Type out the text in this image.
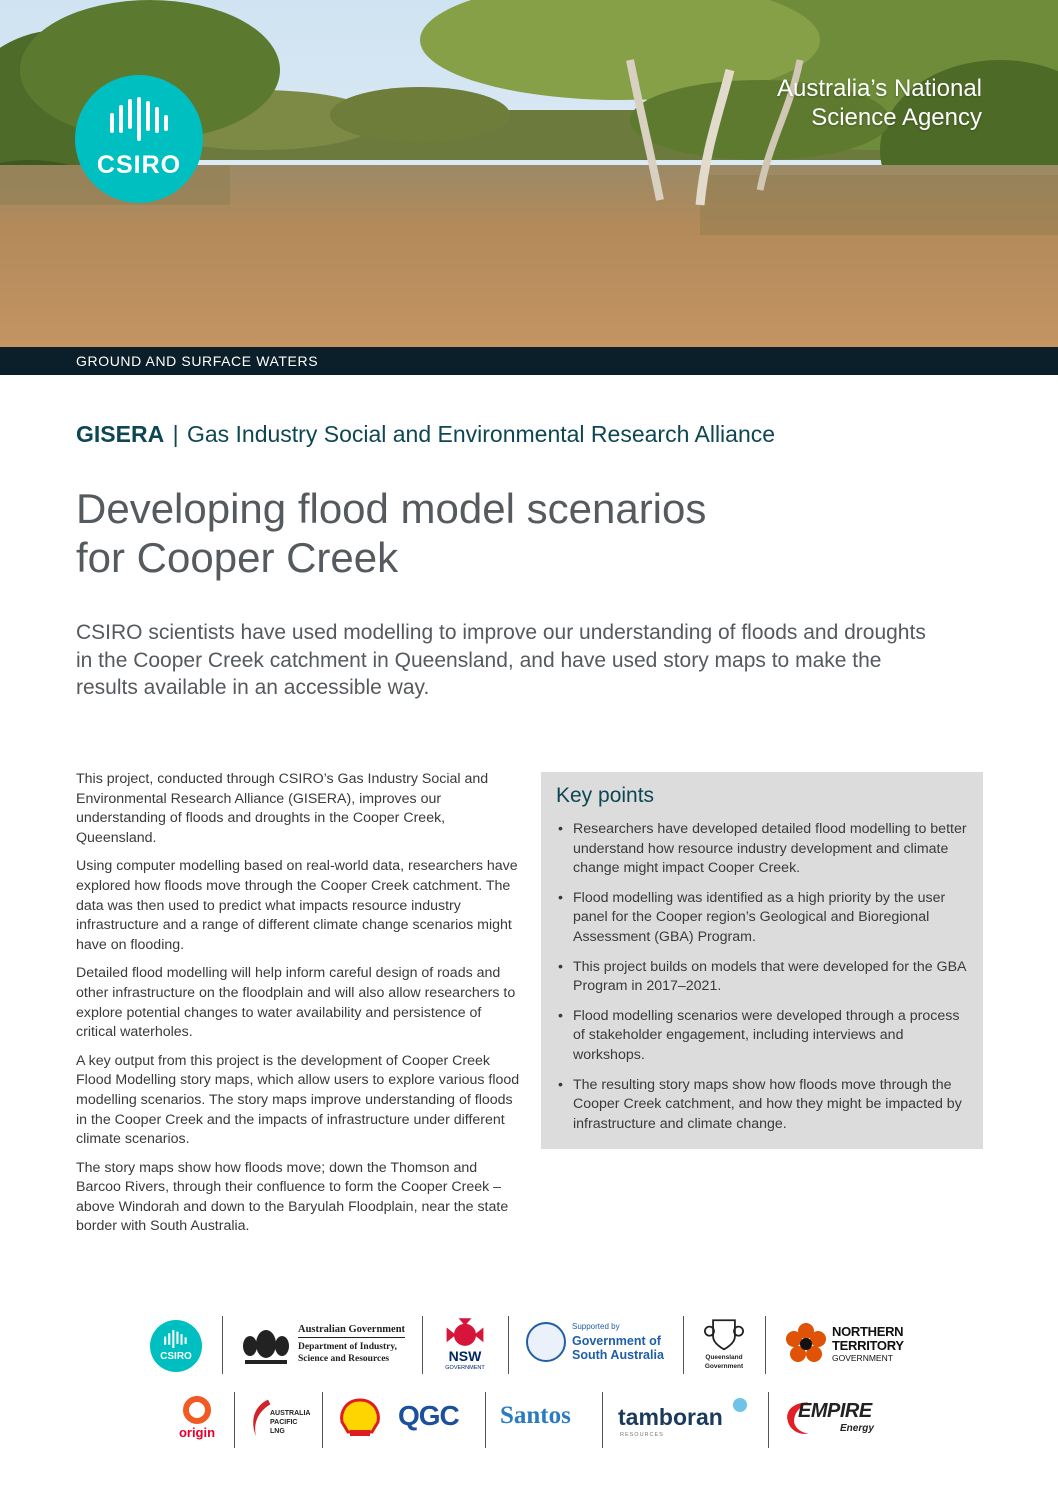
CSIRO
Australia’s National
Science Agency
GROUND AND SURFACE WATERS
GISERA | Gas Industry Social and Environmental Research Alliance
Developing flood model scenarios
for Cooper Creek
CSIRO scientists have used modelling to improve our understanding of floods and droughts in the Cooper Creek catchment in Queensland, and have used story maps to make the results available in an accessible way.

This project, conducted through CSIRO’s Gas Industry Social and Environmental Research Alliance (GISERA), improves our understanding of floods and droughts in the Cooper Creek, Queensland.

Using computer modelling based on real-world data, researchers have explored how floods move through the Cooper Creek catchment. The data was then used to predict what impacts resource industry infrastructure and a range of different climate change scenarios might have on flooding.

Detailed flood modelling will help inform careful design of roads and other infrastructure on the floodplain and will also allow researchers to explore potential changes to water availability and persistence of critical waterholes.

A key output from this project is the development of Cooper Creek Flood Modelling story maps, which allow users to explore various flood modelling scenarios. The story maps improve understanding of floods in the Cooper Creek and the impacts of infrastructure under different climate scenarios.

The story maps show how floods move; down the Thomson and Barcoo Rivers, through their confluence to form the Cooper Creek – above Windorah and down to the Baryulah Floodplain, near the state border with South Australia.

Key points
• Researchers have developed detailed flood modelling to better understand how resource industry development and climate change might impact Cooper Creek.
• Flood modelling was identified as a high priority by the user panel for the Cooper region’s Geological and Bioregional Assessment (GBA) Program.
• This project builds on models that were developed for the GBA Program in 2017–2021.
• Flood modelling scenarios were developed through a process of stakeholder engagement, including interviews and workshops.
• The resulting story maps show how floods move through the Cooper Creek catchment, and how they might be impacted by infrastructure and climate change.
CSIRO
Australian Government
Department of Industry,
Science and Resources	NSW
GOVERNMENT
Supported by
Government of
South Australia	Queensland
Government
NORTHERN
TERRITORY
GOVERNMENT
origin
AUSTRALIA
PACIFIC
LNG
QGC Santos tamboran
RESOURCES
EMPIRE
Energy
